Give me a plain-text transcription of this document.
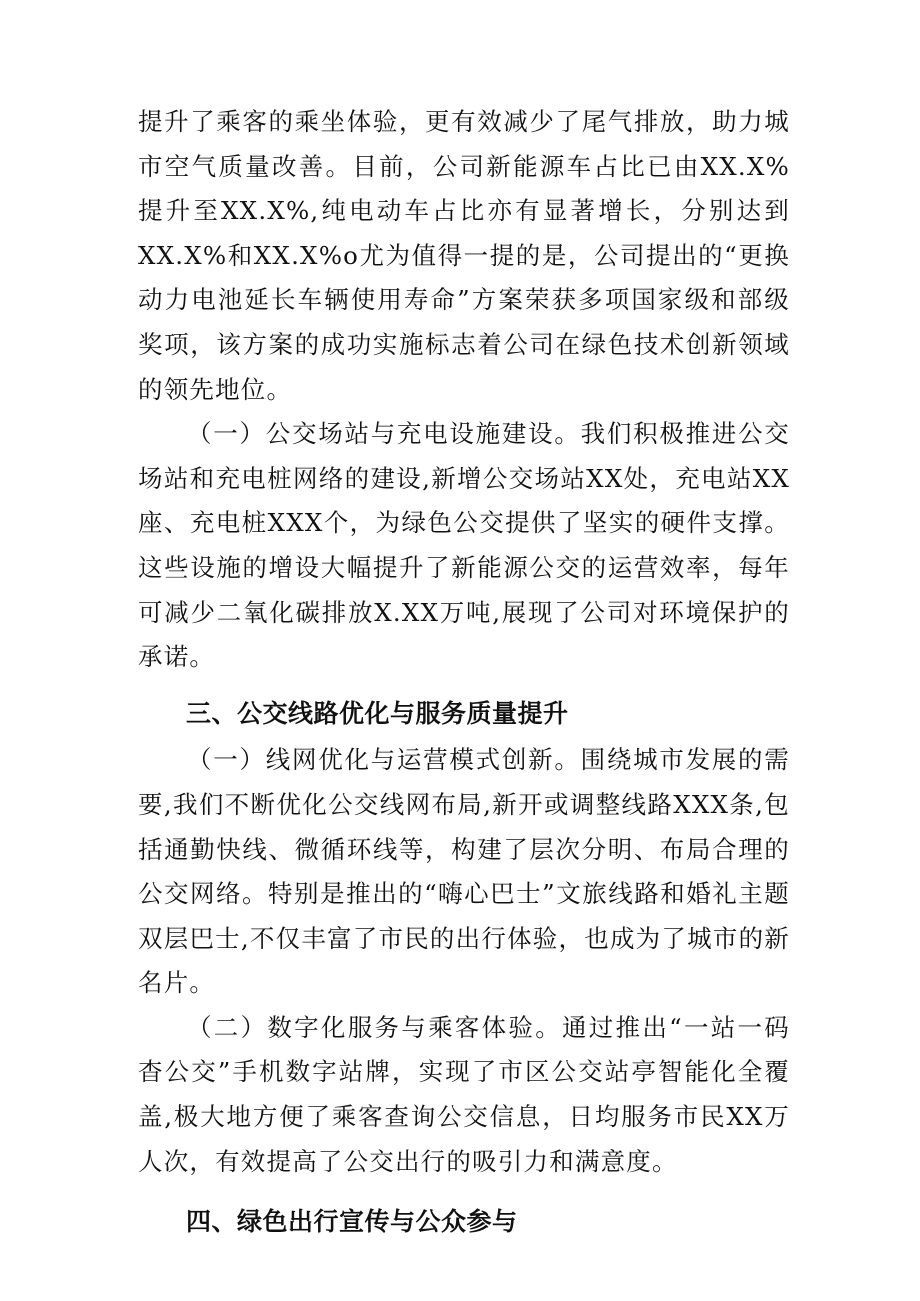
提升了乘客的乘坐体验，更有效减少了尾气排放，助力城市空气质量改善。目前，公司新能源车占比已由XX.X%提升至XX.X%,纯电动车占比亦有显著增长，分别达到XX.X%和XX.X%o尤为值得一提的是，公司提出的“更换动力电池延长车辆使用寿命”方案荣获多项国家级和部级奖项，该方案的成功实施标志着公司在绿色技术创新领域的领先地位。

（一）公交场站与充电设施建设。我们积极推进公交场站和充电桩网络的建设,新增公交场站XX处，充电站XX座、充电桩XXX个，为绿色公交提供了坚实的硬件支撑。这些设施的增设大幅提升了新能源公交的运营效率，每年可减少二氧化碳排放X.XX万吨,展现了公司对环境保护的承诺。

三、公交线路优化与服务质量提升

（一）线网优化与运营模式创新。围绕城市发展的需要,我们不断优化公交线网布局,新开或调整线路XXX条,包括通勤快线、微循环线等，构建了层次分明、布局合理的公交网络。特别是推出的“嗨心巴士”文旅线路和婚礼主题双层巴士,不仅丰富了市民的出行体验，也成为了城市的新名片。

（二）数字化服务与乘客体验。通过推出“一站一码杳公交”手机数字站牌，实现了市区公交站亭智能化全覆盖,极大地方便了乘客查询公交信息，日均服务市民XX万人次，有效提高了公交出行的吸引力和满意度。

四、绿色出行宣传与公众参与
